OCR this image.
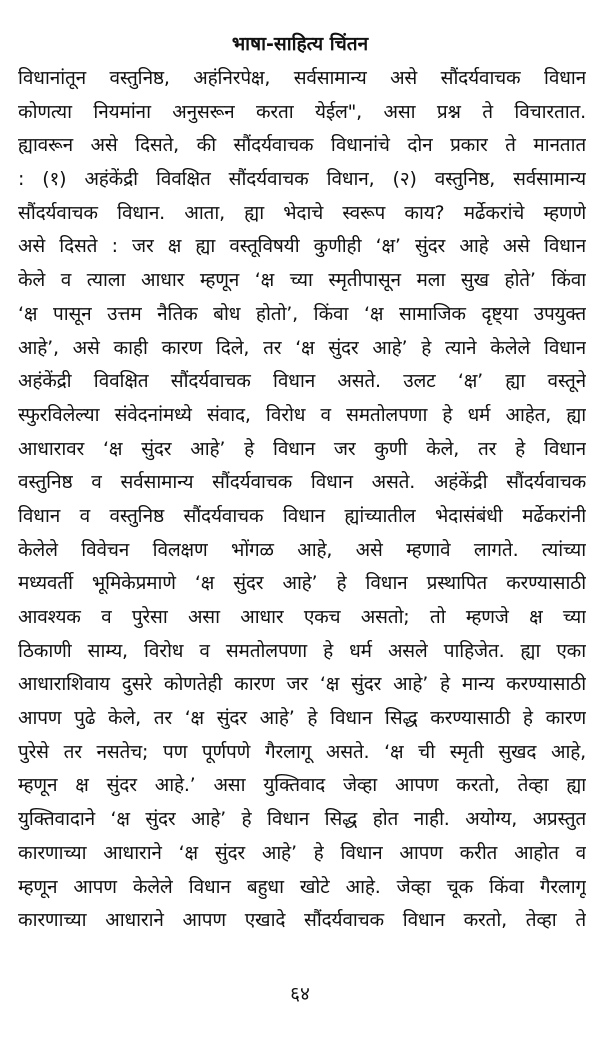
भाषा-साहित्य चिंतन
विधानांतून वस्तुनिष्ठ, अहंनिरपेक्ष, सर्वसामान्य असे सौंदर्यवाचक विधान
कोणत्या नियमांना अनुसरून करता येईल", असा प्रश्न ते विचारतात.
ह्यावरून असे दिसते, की सौंदर्यवाचक विधानांचे दोन प्रकार ते मानतात
: (१) अहंकेंद्री विवक्षित सौंदर्यवाचक विधान, (२) वस्तुनिष्ठ, सर्वसामान्य
सौंदर्यवाचक विधान. आता, ह्या भेदाचे स्वरूप काय? मर्ढेकरांचे म्हणणे
असे दिसते : जर क्ष ह्या वस्तूविषयी कुणीही ‘क्ष’ सुंदर आहे असे विधान
केले व त्याला आधार म्हणून ‘क्ष च्या स्मृतीपासून मला सुख होते’ किंवा
‘क्ष पासून उत्तम नैतिक बोध होतो’, किंवा ‘क्ष सामाजिक दृष्ट्या उपयुक्त
आहे’, असे काही कारण दिले, तर ‘क्ष सुंदर आहे’ हे त्याने केलेले विधान
अहंकेंद्री विवक्षित सौंदर्यवाचक विधान असते. उलट ‘क्ष’ ह्या वस्तूने
स्फुरविलेल्या संवेदनांमध्ये संवाद, विरोध व समतोलपणा हे धर्म आहेत, ह्या
आधारावर ‘क्ष सुंदर आहे’ हे विधान जर कुणी केले, तर हे विधान
वस्तुनिष्ठ व सर्वसामान्य सौंदर्यवाचक विधान असते. अहंकेंद्री सौंदर्यवाचक
विधान व वस्तुनिष्ठ सौंदर्यवाचक विधान ह्यांच्यातील भेदासंबंधी मर्ढेकरांनी
केलेले विवेचन विलक्षण भोंगळ आहे, असे म्हणावे लागते. त्यांच्या
मध्यवर्ती भूमिकेप्रमाणे ‘क्ष सुंदर आहे’ हे विधान प्रस्थापित करण्यासाठी
आवश्यक व पुरेसा असा आधार एकच असतो; तो म्हणजे क्ष च्या
ठिकाणी साम्य, विरोध व समतोलपणा हे धर्म असले पाहिजेत. ह्या एका
आधाराशिवाय दुसरे कोणतेही कारण जर ‘क्ष सुंदर आहे’ हे मान्य करण्यासाठी
आपण पुढे केले, तर ‘क्ष सुंदर आहे’ हे विधान सिद्ध करण्यासाठी हे कारण
पुरेसे तर नसतेच; पण पूर्णपणे गैरलागू असते. ‘क्ष ची स्मृती सुखद आहे,
म्हणून क्ष सुंदर आहे.’ असा युक्तिवाद जेव्हा आपण करतो, तेव्हा ह्या
युक्तिवादाने ‘क्ष सुंदर आहे’ हे विधान सिद्ध होत नाही. अयोग्य, अप्रस्तुत
कारणाच्या आधाराने ‘क्ष सुंदर आहे’ हे विधान आपण करीत आहोत व
म्हणून आपण केलेले विधान बहुधा खोटे आहे. जेव्हा चूक किंवा गैरलागू
कारणाच्या आधाराने आपण एखादे सौंदर्यवाचक विधान करतो, तेव्हा ते
६४
